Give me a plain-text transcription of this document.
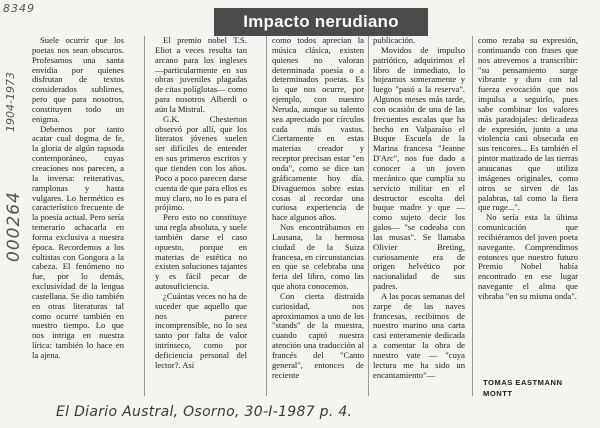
8349
1904-1973
000264
Impacto nerudiano

Suele ocurrir que los poetas nos sean obscuros. Profesamos una santa envidia por quienes disfrutan de textos considerados sublimes, pero que para nosotros, constituyen todo un enigma.

Debemos por tanto acatar cual dogma de fe, la gloria de algún rapsoda contemporáneo, cuyas creaciones nos parecen, a la inversa: reiterativas, ramplonas y hasta vulgares. Lo hermético es característico frecuente de la poesía actual. Pero sería temerario achacarla en forma exclusiva a nuestra época. Recordemos a los cultistas con Gongora a la cabeza. El fenómeno no fue, por lo demás, exclusividad de la lengua castellana. Se dio también en otras literaturas tal como ocurre también en nuestro tiempo. Lo que nos intriga en nuestra lírica: también lo hace en la ajena.

El premio nobel T.S. Eliot a veces resulta tan arcano para los ingleses —particularmente en sus obras juveniles plagadas de citas políglotas— como para nosotros Alberdi o aún la Mistral.

G.K. Chesterton observó por allí, que los literatos jóvenes suelen ser difíciles de entender en sus primeros escritos y que tienden con los años. Poco a poco parecen darse cuenta de que para ellos es muy claro, no lo es para el prójimo.

Pero esto no constituye una regla absoluta, y suele también darse el caso opuesto, porque en materias de estética no existen soluciones tajantes y es fácil pecar de autosuficiencia.

¿Cuántas veces no ha de suceder que aquello que nos parece incomprensible, no lo sea tanto por falta de valor intrínseco, como por deficiencia personal del lector?. Así

como todos aprecian la música clásica, existen quienes no valoran determinada poesía o a determinados poetas. Es lo que nos ocurre, por ejemplo, con nuestro Neruda, aunque su talento sea apreciado por círculos cada más vastos. Ciertamente en estas materias creador y receptor precisan estar "en onda", como se dice tan gráficamente hoy día. Divaguemos sobre estas cosas al recordar una curiosa experiencia de hace algunos años.

Nos encontrábamos en Lausana, la hermosa ciudad de la Suiza francesa, en circunstancias en que se celebraba una feria del libro, como las que ahora conocemos.

Con cierta distraída curiosidad, nos aproximamos a uno de los "stands" de la muestra, cuando captó nuestra atención una traducción al francés del "Canto general", entonces de reciente

publicación.

Movidos de impulso patriótico, adquirimos el libro de inmediato, lo hojeamos someramente y luego "pasó a la reserva". Algunos meses más tarde, con ocasión de una de las frecuentes escalas que ha hecho en Valparaíso el Buque Escuela de la Marina francesa "Jeanne D'Arc", nos fue dado a conocer a un joven mecánico que cumplía su servicio militar en el destructor escolta del buque madre y que —como sujeto decir los galos— "se codeaba con las musas". Se llamaba Olivier Breting, curiosamente era de origen helvético por nacionalidad de sus padres.

A las pocas semanas del zarpe de las naves francesas, recibimos de nuestro marino una carta casi enteramente dedicada a comentar la obra de nuestro vate — "cuya lectura me ha sido un encantamiento"—

como rezaba su expresión, continuando con frases que nos atrevemos a transcribir: "su pensamiento surge vibrante y duro con tal fuerza evocación que nos impulsa a seguirlo, pues sabe combinar los valores más paradojales: delicadeza de expresión, junto a una violencia casi obsecada en sus rencores... Es también el pintor matizado de las tierras araucanas que utiliza imágenes originales, como otros se sirven de las palabras, tal como la fiera que ruge...".

No sería esta la última comunicación que recibiéramos del joven poeta navegante. Comprendimos entonces que nuestro futuro Premio Nobel había encontrado en ese lugar navegante el alma que vibraba "en su misma onda".

TOMAS EASTMANN MONTT
El Diario Austral, Osorno, 30-I-1987 p. 4.
